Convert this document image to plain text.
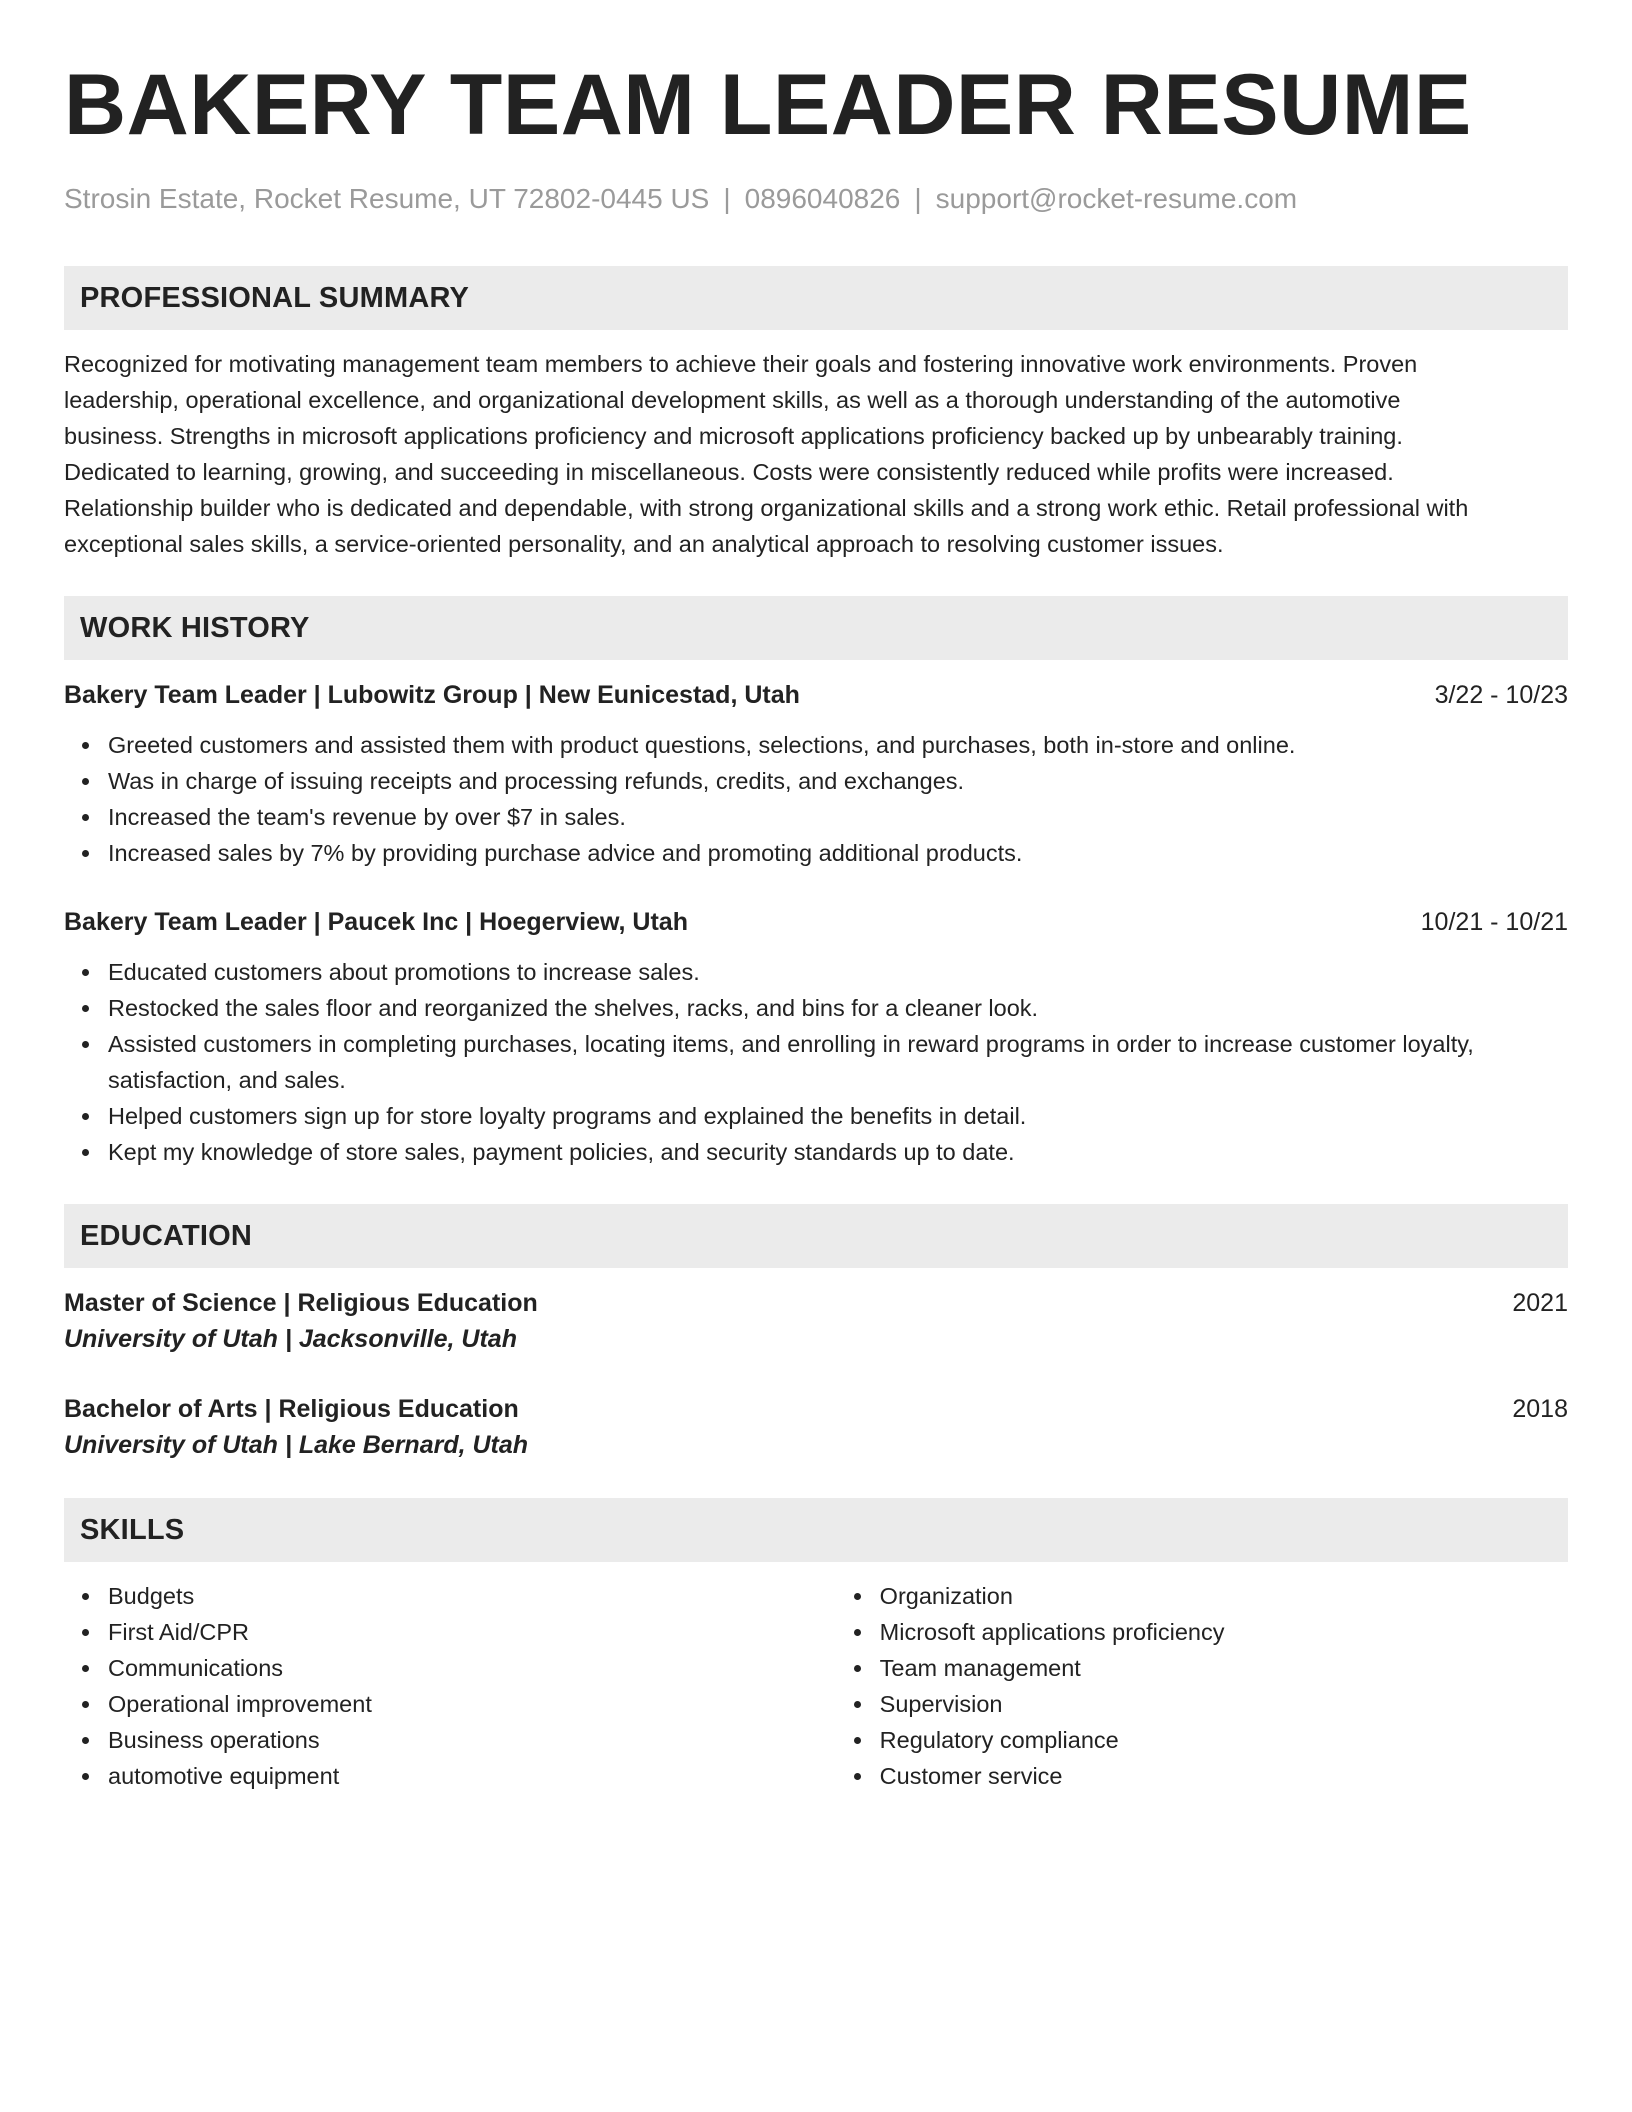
BAKERY TEAM LEADER RESUME
Strosin Estate, Rocket Resume, UT 72802-0445 US | 0896040826 | support@rocket-resume.com
PROFESSIONAL SUMMARY
Recognized for motivating management team members to achieve their goals and fostering innovative work environments. Proven
leadership, operational excellence, and organizational development skills, as well as a thorough understanding of the automotive
business. Strengths in microsoft applications proficiency and microsoft applications proficiency backed up by unbearably training.
Dedicated to learning, growing, and succeeding in miscellaneous. Costs were consistently reduced while profits were increased.
Relationship builder who is dedicated and dependable, with strong organizational skills and a strong work ethic. Retail professional with
exceptional sales skills, a service-oriented personality, and an analytical approach to resolving customer issues.
WORK HISTORY
Bakery Team Leader | Lubowitz Group | New Eunicestad, Utah	3/22 - 10/23
Greeted customers and assisted them with product questions, selections, and purchases, both in-store and online.
Was in charge of issuing receipts and processing refunds, credits, and exchanges.
Increased the team's revenue by over $7 in sales.
Increased sales by 7% by providing purchase advice and promoting additional products.
Bakery Team Leader | Paucek Inc | Hoegerview, Utah	10/21 - 10/21
Educated customers about promotions to increase sales.
Restocked the sales floor and reorganized the shelves, racks, and bins for a cleaner look.
Assisted customers in completing purchases, locating items, and enrolling in reward programs in order to increase customer loyalty, satisfaction, and sales.
Helped customers sign up for store loyalty programs and explained the benefits in detail.
Kept my knowledge of store sales, payment policies, and security standards up to date.
EDUCATION
Master of Science | Religious Education	2021
University of Utah | Jacksonville, Utah
Bachelor of Arts | Religious Education	2018
University of Utah | Lake Bernard, Utah
SKILLS
Budgets
First Aid/CPR
Communications
Operational improvement
Business operations
automotive equipment
Organization
Microsoft applications proficiency
Team management
Supervision
Regulatory compliance
Customer service
